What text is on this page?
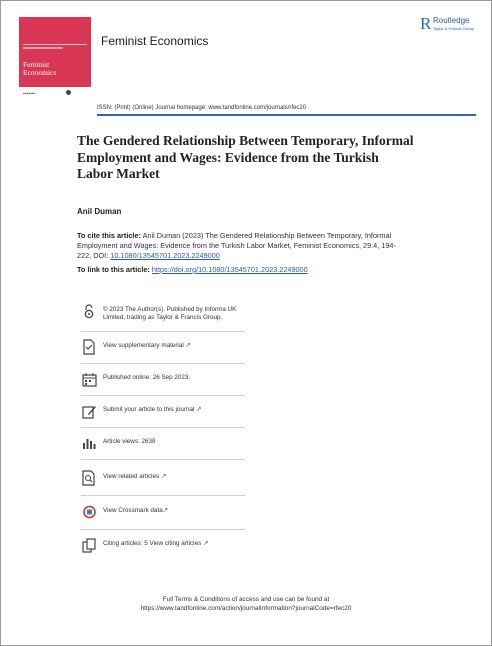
Feminist
Economics
▪▪▪▪▪▪▪
Feminist Economics
R Routledge
Taylor & Francis Group
ISSN: (Print) (Online) Journal homepage: www.tandfonline.com/journals/rfec20
The Gendered Relationship Between Temporary, Informal Employment and Wages: Evidence from the Turkish Labor Market
Anil Duman
To cite this article: Anil Duman (2023) The Gendered Relationship Between Temporary, Informal Employment and Wages: Evidence from the Turkish Labor Market, Feminist Economics, 29:4, 194-222, DOI: 10.1080/13545701.2023.2249000
To link to this article: https://doi.org/10.1080/13545701.2023.2249000
© 2023 The Author(s). Published by Informa UK Limited, trading as Taylor & Francis Group.
View supplementary material ↗
Published online: 26 Sep 2023.
Submit your article to this journal ↗
Article views: 2638
View related articles ↗
View Crossmark data↗
Citing articles: 5 View citing articles ↗
Full Terms & Conditions of access and use can be found at
https://www.tandfonline.com/action/journalInformation?journalCode=rfec20
